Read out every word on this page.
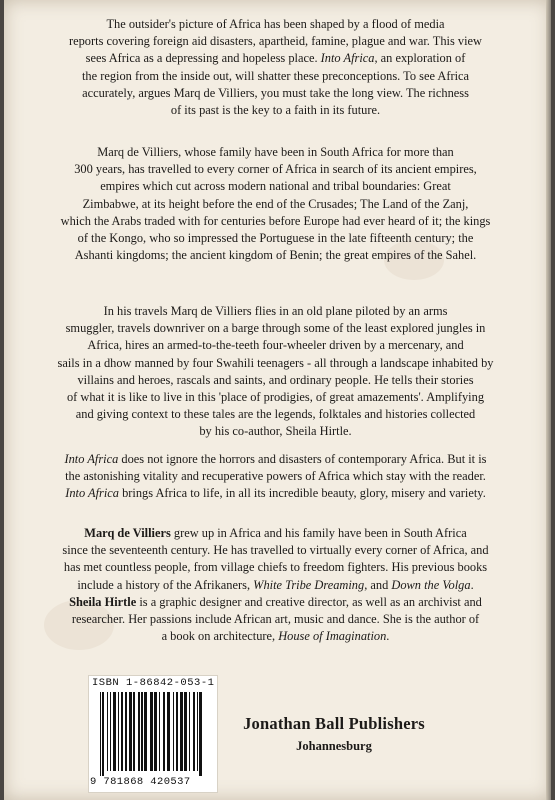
The outsider's picture of Africa has been shaped by a flood of media
reports covering foreign aid disasters, apartheid, famine, plague and war. This view
sees Africa as a depressing and hopeless place. Into Africa, an exploration of
the region from the inside out, will shatter these preconceptions. To see Africa
accurately, argues Marq de Villiers, you must take the long view. The richness
of its past is the key to a faith in its future.

Marq de Villiers, whose family have been in South Africa for more than
300 years, has travelled to every corner of Africa in search of its ancient empires,
empires which cut across modern national and tribal boundaries: Great
Zimbabwe, at its height before the end of the Crusades; The Land of the Zanj,
which the Arabs traded with for centuries before Europe had ever heard of it; the kings
of the Kongo, who so impressed the Portuguese in the late fifteenth century; the
Ashanti kingdoms; the ancient kingdom of Benin; the great empires of the Sahel.

In his travels Marq de Villiers flies in an old plane piloted by an arms
smuggler, travels downriver on a barge through some of the least explored jungles in
Africa, hires an armed-to-the-teeth four-wheeler driven by a mercenary, and
sails in a dhow manned by four Swahili teenagers - all through a landscape inhabited by
villains and heroes, rascals and saints, and ordinary people. He tells their stories
of what it is like to live in this 'place of prodigies, of great amazements'. Amplifying
and giving context to these tales are the legends, folktales and histories collected
by his co-author, Sheila Hirtle.

Into Africa does not ignore the horrors and disasters of contemporary Africa. But it is
the astonishing vitality and recuperative powers of Africa which stay with the reader.
Into Africa brings Africa to life, in all its incredible beauty, glory, misery and variety.

Marq de Villiers grew up in Africa and his family have been in South Africa
since the seventeenth century. He has travelled to virtually every corner of Africa, and
has met countless people, from village chiefs to freedom fighters. His previous books
include a history of the Afrikaners, White Tribe Dreaming, and Down the Volga.
Sheila Hirtle is a graphic designer and creative director, as well as an archivist and
researcher. Her passions include African art, music and dance. She is the author of
a book on architecture, House of Imagination.

ISBN 1-86842-053-1
9 781868 420537
Jonathan Ball Publishers
Johannesburg
